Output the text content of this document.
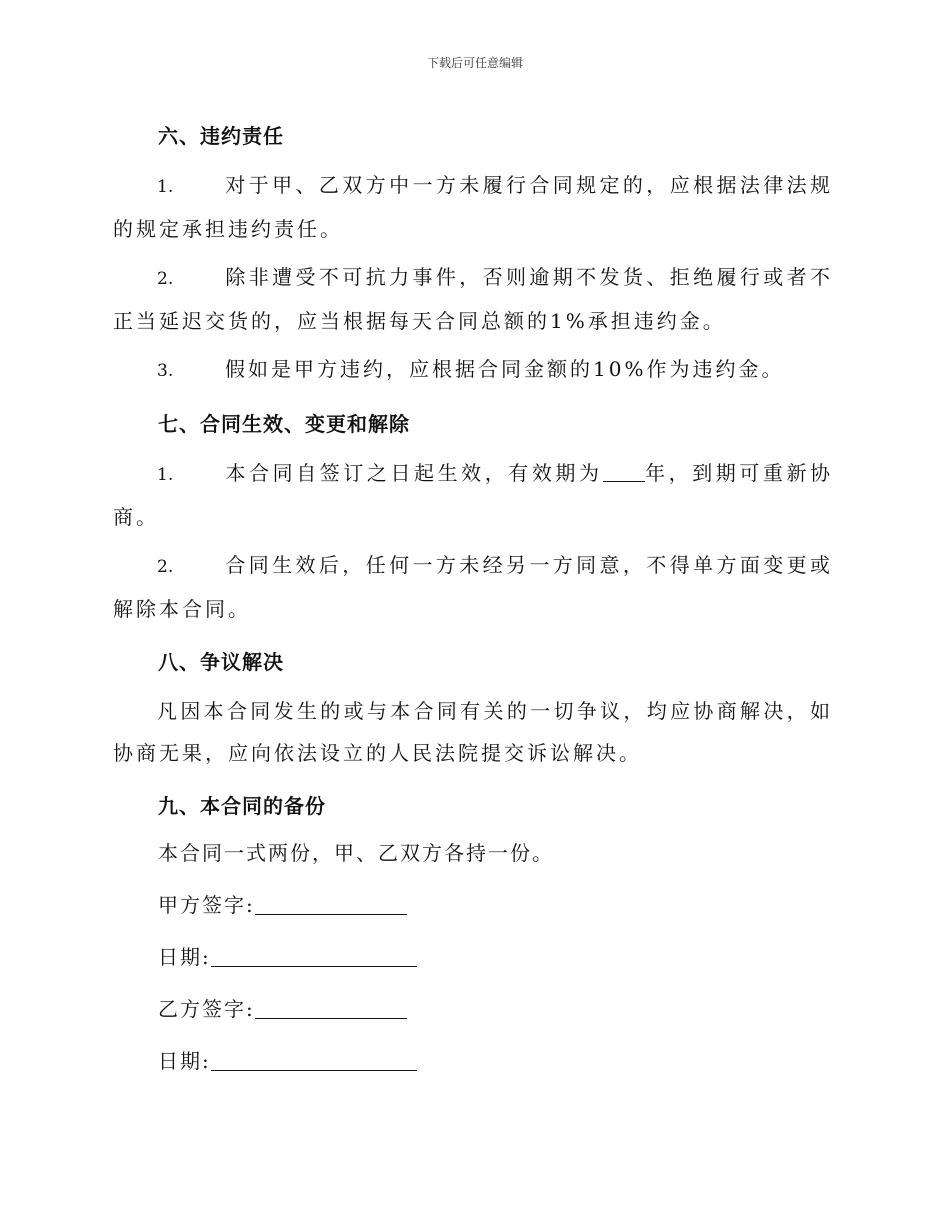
下载后可任意编辑
六、违约责任
1.	对于甲、乙双方中一方未履行合同规定的，应根据法律法规的规定承担违约责任。
2.	除非遭受不可抗力事件，否则逾期不发货、拒绝履行或者不正当延迟交货的，应当根据每天合同总额的1%承担违约金。
3.	假如是甲方违约，应根据合同金额的10%作为违约金。
七、合同生效、变更和解除
1.	本合同自签订之日起生效，有效期为 年，到期可重新协商。
2.	合同生效后，任何一方未经另一方同意，不得单方面变更或解除本合同。
八、争议解决
凡因本合同发生的或与本合同有关的一切争议，均应协商解决，如协商无果，应向依法设立的人民法院提交诉讼解决。
九、本合同的备份
本合同一式两份，甲、乙双方各持一份。
甲方签字:
日期:
乙方签字:
日期:
